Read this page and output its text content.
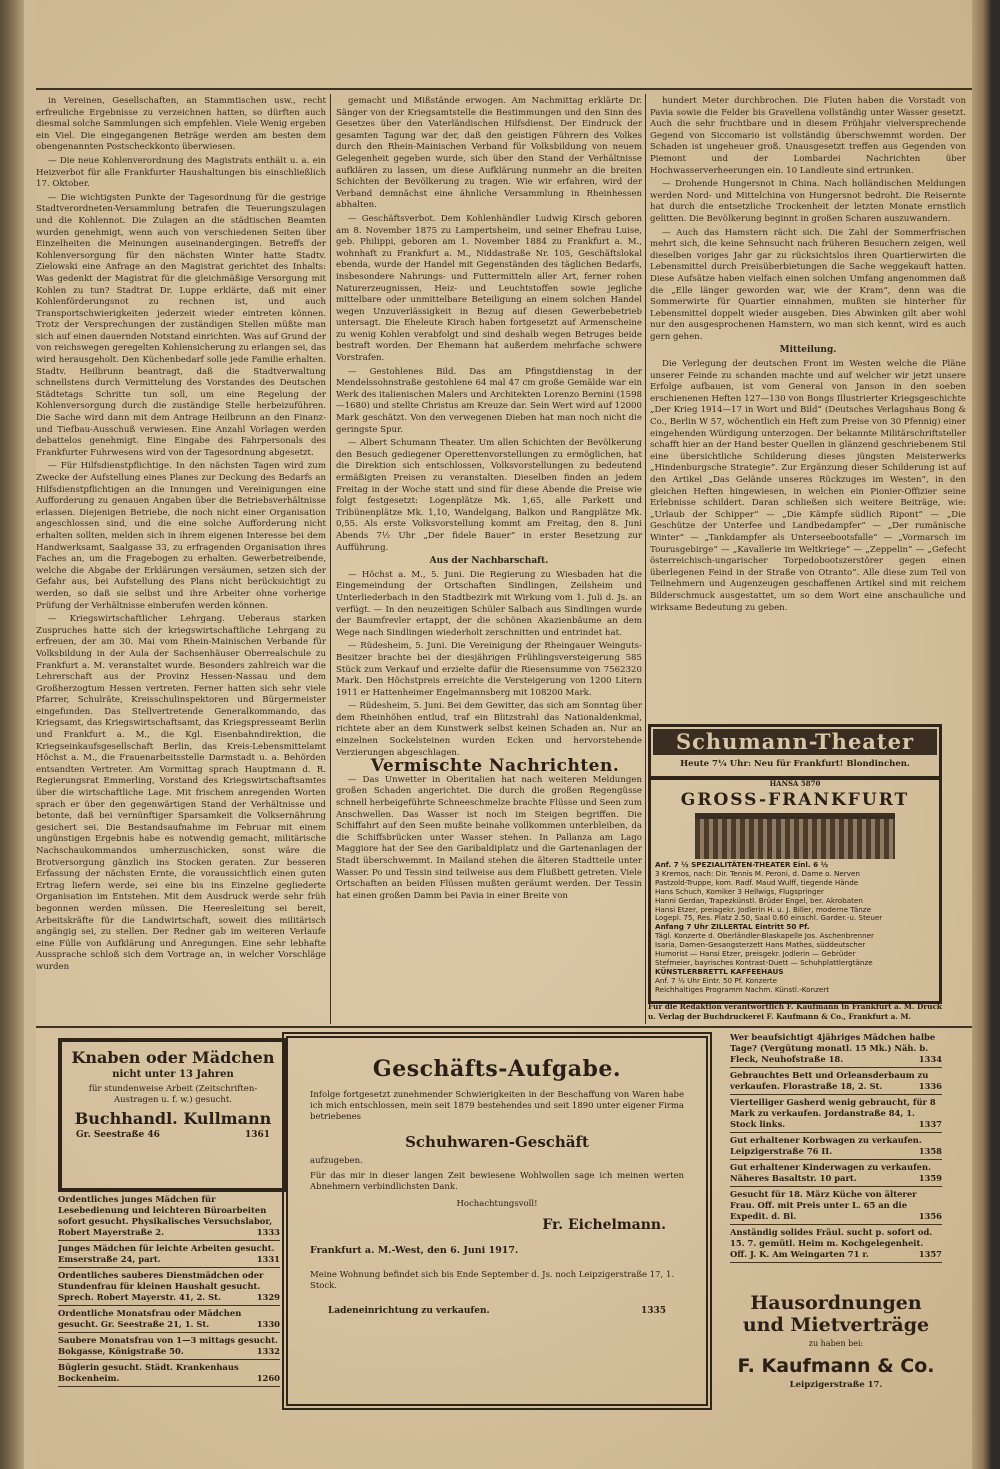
in Vereinen, Gesellschaften, an Stammtischen usw., recht erfreuliche Ergebnisse zu verzeichnen hatten, so dürften auch diesmal solche Sammlungen sich empfehlen. Viele Wenig ergeben ein Viel. Die eingegangenen Beträge werden am besten dem obengenannten Postscheckkonto überwiesen.

— Die neue Kohlenverordnung des Magistrats enthält u. a. ein Heizverbot für alle Frankfurter Haushaltungen bis einschließlich 17. Oktober.

— Die wichtigsten Punkte der Tagesordnung für die gestrige Stadtverordneten-Versammlung betrafen die Teuerungszulagen und die Kohlennot. Die Zulagen an die städtischen Beamten wurden genehmigt, wenn auch von verschiedenen Seiten über Einzelheiten die Meinungen auseinandergingen. Betreffs der Kohlenversorgung für den nächsten Winter hatte Stadtv. Zielowski eine Anfrage an den Magistrat gerichtet des Inhalts: Was gedenkt der Magistrat für die gleichmäßige Versorgung mit Kohlen zu tun? Stadtrat Dr. Luppe erklärte, daß mit einer Kohlenförderungsnot zu rechnen ist, und auch Transportschwierigkeiten jederzeit wieder eintreten können. Trotz der Versprechungen der zuständigen Stellen müßte man sich auf einen dauernden Notstand einrichten. Was auf Grund der von reichswegen geregelten Kohlensicherung zu erlangen sei, das wird herausgeholt. Den Küchenbedarf solle jede Familie erhalten. Stadtv. Heilbrunn beantragt, daß die Stadtverwaltung schnellstens durch Vermittelung des Vorstandes des Deutschen Städtetags Schritte tun soll, um eine Regelung der Kohlenversorgung durch die zuständige Stelle herbeizuführen. Die Sache wird dann mit dem Antrage Heilbrunn an den Finanz- und Tiefbau-Ausschuß verwiesen. Eine Anzahl Vorlagen werden debattelos genehmigt. Eine Eingabe des Fahrpersonals des Frankfurter Fuhrwesens wird von der Tagesordnung abgesetzt.

— Für Hilfsdienstpflichtige. In den nächsten Tagen wird zum Zwecke der Aufstellung eines Planes zur Deckung des Bedarfs an Hilfsdienstpflichtigen an die Innungen und Vereinigungen eine Aufforderung zu genauen Angaben über die Betriebsverhältnisse erlassen. Diejenigen Betriebe, die noch nicht einer Organisation angeschlossen sind, und die eine solche Aufforderung nicht erhalten sollten, melden sich in ihrem eigenen Interesse bei dem Handwerksamt, Saalgasse 33, zu erfragenden Organisation ihres Faches an, um die Fragebogen zu erhalten. Gewerbetreibende, welche die Abgabe der Erklärungen versäumen, setzen sich der Gefahr aus, bei Aufstellung des Plans nicht berücksichtigt zu werden, so daß sie selbst und ihre Arbeiter ohne vorherige Prüfung der Verhältnisse einberufen werden können.

— Kriegswirtschaftlicher Lehrgang. Ueberaus starken Zuspruches hatte sich der kriegswirtschaftliche Lehrgang zu erfreuen, der am 30. Mai vom Rhein-Mainischen Verbande für Volksbildung in der Aula der Sachsenhäuser Oberrealschule zu Frankfurt a. M. veranstaltet wurde. Besonders zahlreich war die Lehrerschaft aus der Provinz Hessen-Nassau und dem Großherzogtum Hessen vertreten. Ferner hatten sich sehr viele Pfarrer, Schulräte, Kreisschulinspektoren und Bürgermeister eingefunden. Das Stellvertretende Generalkommando, das Kriegsamt, das Kriegswirtschaftsamt, das Kriegspresseamt Berlin und Frankfurt a. M., die Kgl. Eisenbahndirektion, die Kriegseinkaufsgesellschaft Berlin, das Kreis-Lebensmittelamt Höchst a. M., die Frauenarbeitsstelle Darmstadt u. a. Behörden entsandten Vertreter. Am Vormittag sprach Hauptmann d. R. Regierungsrat Emmerling, Vorstand des Kriegswirtschaftsamtes über die wirtschaftliche Lage. Mit frischem anregenden Worten sprach er über den gegenwärtigen Stand der Verhältnisse und betonte, daß bei vernünftiger Sparsamkeit die Volksernährung gesichert sei. Die Bestandsaufnahme im Februar mit einem ungünstigen Ergebnis habe es notwendig gemacht, militärische Nachschaukommandos umherzuschicken, sonst wäre die Brotversorgung gänzlich ins Stocken geraten. Zur besseren Erfassung der nächsten Ernte, die voraussichtlich einen guten Ertrag liefern werde, sei eine bis ins Einzelne gegliederte Organisation im Entstehen. Mit dem Ausdruck werde sehr früh begonnen werden müssen. Die Heeresleitung sei bereit, Arbeitskräfte für die Landwirtschaft, soweit dies militärisch angängig sei, zu stellen. Der Redner gab im weiteren Verlaufe eine Fülle von Aufklärung und Anregungen. Eine sehr lebhafte Aussprache schloß sich dem Vortrage an, in welcher Vorschläge wurden

gemacht und Mißstände erwogen. Am Nachmittag erklärte Dr. Sänger von der Kriegsamtstelle die Bestimmungen und den Sinn des Gesetzes über den Vaterländischen Hilfsdienst. Der Eindruck der gesamten Tagung war der, daß den geistigen Führern des Volkes durch den Rhein-Mainischen Verband für Volksbildung von neuem Gelegenheit gegeben wurde, sich über den Stand der Verhältnisse aufklären zu lassen, um diese Aufklärung nunmehr an die breiten Schichten der Bevölkerung zu tragen. Wie wir erfahren, wird der Verband demnächst eine ähnliche Versammlung in Rheinhessen abhalten.

— Geschäftsverbot. Dem Kohlenhändler Ludwig Kirsch geboren am 8. November 1875 zu Lampertsheim, und seiner Ehefrau Luise, geb. Philippi, geboren am 1. November 1884 zu Frankfurt a. M., wohnhaft zu Frankfurt a. M., Niddastraße Nr. 105, Geschäftslokal ebenda, wurde der Handel mit Gegenständen des täglichen Bedarfs, insbesondere Nahrungs- und Futtermitteln aller Art, ferner rohen Naturerzeugnissen, Heiz- und Leuchtstoffen sowie jegliche mittelbare oder unmittelbare Beteiligung an einem solchen Handel wegen Unzuverlässigkeit in Bezug auf diesen Gewerbebetrieb untersagt. Die Eheleute Kirsch haben fortgesetzt auf Armenscheine zu wenig Kohlen verabfolgt und sind deshalb wegen Betruges beide bestraft worden. Der Ehemann hat außerdem mehrfache schwere Vorstrafen.

— Gestohlenes Bild. Das am Pfingstdienstag in der Mendelssohnstraße gestohlene 64 mal 47 cm große Gemälde war ein Werk des italienischen Malers und Architekten Lorenzo Bernini (1598—1680) und stellte Christus am Kreuze dar. Sein Wert wird auf 12000 Mark geschätzt. Von den verwegenen Dieben hat man noch nicht die geringste Spur.

— Albert Schumann Theater. Um allen Schichten der Bevölkerung den Besuch gediegener Operettenvorstellungen zu ermöglichen, hat die Direktion sich entschlossen, Volksvorstellungen zu bedeutend ermäßigten Preisen zu veranstalten. Dieselben finden an jedem Freitag in der Woche statt und sind für diese Abende die Preise wie folgt festgesetzt: Logenplätze Mk. 1,65, alle Parkett und Tribünenplätze Mk. 1,10, Wandelgang, Balkon und Rangplätze Mk. 0,55. Als erste Volksvorstellung kommt am Freitag, den 8. Juni Abends 7½ Uhr „Der fidele Bauer“ in erster Besetzung zur Aufführung.

Aus der Nachbarschaft.

— Höchst a. M., 5. Juni. Die Regierung zu Wiesbaden hat die Eingemeindung der Ortschaften Sindlingen, Zeilsheim und Unterliederbach in den Stadtbezirk mit Wirkung vom 1. Juli d. Js. an verfügt. — In den neuzeitigen Schüler Salbach aus Sindlingen wurde der Baumfrevler ertappt, der die schönen Akazienbäume an dem Wege nach Sindlingen wiederholt zerschnitten und entrindet hat.

— Rüdesheim, 5. Juni. Die Vereinigung der Rheingauer Weinguts-Besitzer brachte bei der diesjährigen Frühlingsversteigerung 585 Stück zum Verkauf und erzielte dafür die Riesensumme von 7562320 Mark. Den Höchstpreis erreichte die Versteigerung von 1200 Litern 1911 er Hattenheimer Engelmannsberg mit 108200 Mark.

— Rüdesheim, 5. Juni. Bei dem Gewitter, das sich am Sonntag über dem Rheinhöhen entlud, traf ein Blitzstrahl das Nationaldenkmal, richtete aber an dem Kunstwerk selbst keinen Schaden an. Nur an einzelnen Sockelsteinen wurden Ecken und hervorstehende Verzierungen abgeschlagen.

Vermischte Nachrichten.

— Das Unwetter in Oberitalien hat nach weiteren Meldungen großen Schaden angerichtet. Die durch die großen Regengüsse schnell herbeigeführte Schneeschmelze brachte Flüsse und Seen zum Anschwellen. Das Wasser ist noch im Steigen begriffen. Die Schiffahrt auf den Seen mußte beinahe vollkommen unterbleiben, da die Schiffsbrücken unter Wasser stehen. In Pallanza am Lago Maggiore hat der See den Garibaldiplatz und die Gartenanlagen der Stadt überschwemmt. In Mailand stehen die älteren Stadtteile unter Wasser. Po und Tessin sind teilweise aus dem Flußbett getreten. Viele Ortschaften an beiden Flüssen mußten geräumt werden. Der Tessin hat einen großen Damm bei Pavia in einer Breite von

hundert Meter durchbrochen. Die Fluten haben die Vorstadt von Pavia sowie die Felder bis Gravellena vollständig unter Wasser gesetzt. Auch die sehr fruchtbare und in diesem Frühjahr vielversprechende Gegend von Siccomario ist vollständig überschwemmt worden. Der Schaden ist ungeheuer groß. Unausgesetzt treffen aus Gegenden von Piemont und der Lombardei Nachrichten über Hochwasserverheerungen ein. 10 Landleute sind ertrunken.

— Drohende Hungersnot in China. Nach holländischen Meldungen werden Nord- und Mittelchina von Hungersnot bedroht. Die Reisernte hat durch die entsetzliche Trockenheit der letzten Monate ernstlich gelitten. Die Bevölkerung beginnt in großen Scharen auszuwandern.

— Auch das Hamstern rächt sich. Die Zahl der Sommerfrischen mehrt sich, die keine Sehnsucht nach früheren Besuchern zeigen, weil dieselben voriges Jahr gar zu rücksichtslos ihren Quartierwirten die Lebensmittel durch Preisüberbietungen die Sache weggekauft hatten. Diese Aufsätze haben vielfach einen solchen Umfang angenommen daß die „Elle länger geworden war, wie der Kram“, denn was die Sommerwirte für Quartier einnahmen, mußten sie hinterher für Lebensmittel doppelt wieder ausgeben. Dies Abwinken gilt aber wohl nur den ausgesprochenen Hamstern, wo man sich kennt, wird es auch gern gehen.

Mitteilung.

Die Verlegung der deutschen Front im Westen welche die Pläne unserer Feinde zu schanden machte und auf welcher wir jetzt unsere Erfolge aufbauen, ist vom General von Janson in den soeben erschienenen Heften 127—130 von Bongs Illustrierter Kriegsgeschichte „Der Krieg 1914—17 in Wort und Bild“ (Deutsches Verlagshaus Bong & Co., Berlin W 57, wöchentlich ein Heft zum Preise von 30 Pfennig) einer eingehenden Würdigung unterzogen. Der bekannte Militärschriftsteller schafft hier an der Hand bester Quellen in glänzend geschriebenem Stil eine übersichtliche Schilderung dieses jüngsten Meisterwerks „Hindenburgsche Strategie“. Zur Ergänzung dieser Schilderung ist auf den Artikel „Das Gelände unseres Rückzuges im Westen“, in den gleichen Heften hingewiesen, in welchen ein Pionier-Offizier seine Erlebnisse schildert. Daran schließen sich weitere Beiträge, wie: „Urlaub der Schipper“ — „Die Kämpfe südlich Ripont“ — „Die Geschütze der Unterfee und Landbedampfer“ — „Der rumänische Winter“ — „Tankdampfer als Unterseebootsfalle“ — „Vormarsch im Tourusgebirge“ — „Kavallerie im Weltkriege“ — „Zeppelin“ — „Gefecht österreichisch-ungarischer Torpedobootszerstörer gegen einen überlegenen Feind in der Straße von Otranto“. Alle diese zum Teil von Teilnehmern und Augenzeugen geschaffenen Artikel sind mit reichem Bilderschmuck ausgestattet, um so dem Wort eine anschauliche und wirksame Bedeutung zu geben.

Schumann-Theater
Heute 7¼ Uhr: Neu für Frankfurt! Blondinchen.
HANSA 5870
GROSS-FRANKFURT
Anf. 7 ½ SPEZIALITÄTEN-THEATER Einl. 6 ½
3 Kremos, nach: Dir. Tennis M. Peroni, d. Dame o. Nerven
Pastzold-Truppe, kom. Radf. Maud Wulff, tiegende Hände
Hans Schuch, Komiker 3 Hellwigs, Flugspringer
Hanni Gerdan, Trapezkünstl. Brüder Engel, ber. Akrobaten
Hansi Etzer, preisgekr. Jodlerin H. u. J. Biller, moderne Tänze
Logepl. 75, Res. Platz 2.50, Saal 0.60 einschl. Garder.-u. Steuer
Anfang 7 Uhr ZILLERTAL Eintritt 50 Pf.
Tägl. Konzerte d. Oberländler-Blaskapelle Jos. Aschenbrenner
Isaria, Damen-Gesangsterzett Hans Mathes, süddeutscher
Humorist — Hansi Etzer, preisgekr. Jodlerin — Gebrüder
Stefmeier, bayrisches Kontrast-Duett — Schuhplattlergtänze
KÜNSTLERBRETTL KAFFEEHAUS
Anf. 7 ½ Uhr Eintr. 50 Pf. Konzerte
Reichhaltiges Programm Nachm. Künstl.-Konzert
Für die Redaktion verantwortlich F. Kaufmann in Frankfurt a. M. Druck u. Verlag der Buchdruckerei F. Kaufmann & Co., Frankfurt a. M.
Knaben oder Mädchen
nicht unter 13 Jahren
für stundenweise Arbeit (Zeitschriften-Austragen u. f. w.) gesucht.
Buchhandl. Kullmann
Gr. Seestraße 46	1361
Ordentliches junges Mädchen für Lesebedienung und leichteren Büroarbeiten sofort gesucht. Physikalisches Versuchslabor, Robert Mayerstraße 2.	1333
Junges Mädchen für leichte Arbeiten gesucht. Emserstraße 24, part.	1331
Ordentliches sauberes Dienstmädchen oder Stundenfrau für kleinen Haushalt gesucht. Sprech. Robert Mayerstr. 41, 2. St.	1329
Ordentliche Monatsfrau oder Mädchen gesucht. Gr. Seestraße 21, 1. St.	1330
Saubere Monatsfrau von 1—3 mittags gesucht. Bokgasse, Königstraße 50.	1332
Büglerin gesucht. Städt. Krankenhaus Bockenheim.	1260
Geschäfts-Aufgabe.
Infolge fortgesetzt zunehmender Schwierigkeiten in der Beschaffung von Waren habe ich mich entschlossen, mein seit 1879 bestehendes und seit 1890 unter eigener Firma betriebenes
Schuhwaren-Geschäft
aufzugeben.
Für das mir in dieser langen Zeit bewiesene Wohlwollen sage ich meinen werten Abnehmern verbindlichsten Dank.
Hochachtungsvoll!
Fr. Eichelmann.
Frankfurt a. M.-West, den 6. Juni 1917.
Meine Wohnung befindet sich bis Ende September d. Js. noch Leipzigerstraße 17, 1. Stock.
Ladeneinrichtung zu verkaufen.	1335
Wer beaufsichtigt 4jähriges Mädchen halbe Tage? (Vergütung monatl. 15 Mk.) Näh. b. Fleck, Neuhofstraße 18.	1334
Gebrauchtes Bett und Orleansderbaum zu verkaufen. Florastraße 18, 2. St.	1336
Vierteiliger Gasherd wenig gebraucht, für 8 Mark zu verkaufen. Jordanstraße 84, 1. Stock links.	1337
Gut erhaltener Korbwagen zu verkaufen. Leipzigerstraße 76 II.	1358
Gut erhaltener Kinderwagen zu verkaufen. Näheres Basaltstr. 10 part.	1359
Gesucht für 18. März Küche von älterer Frau. Off. mit Preis unter L. 65 an die Expedit. d. Bl.	1356
Anständig solides Fräul. sucht p. sofort od. 15. 7. gemütl. Heim m. Kochgelegenheit. Off. J. K. Am Weingarten 71 r.	1357
Hausordnungen
und Mietverträge
zu haben bei:
F. Kaufmann & Co.
Leipzigerstraße 17.
